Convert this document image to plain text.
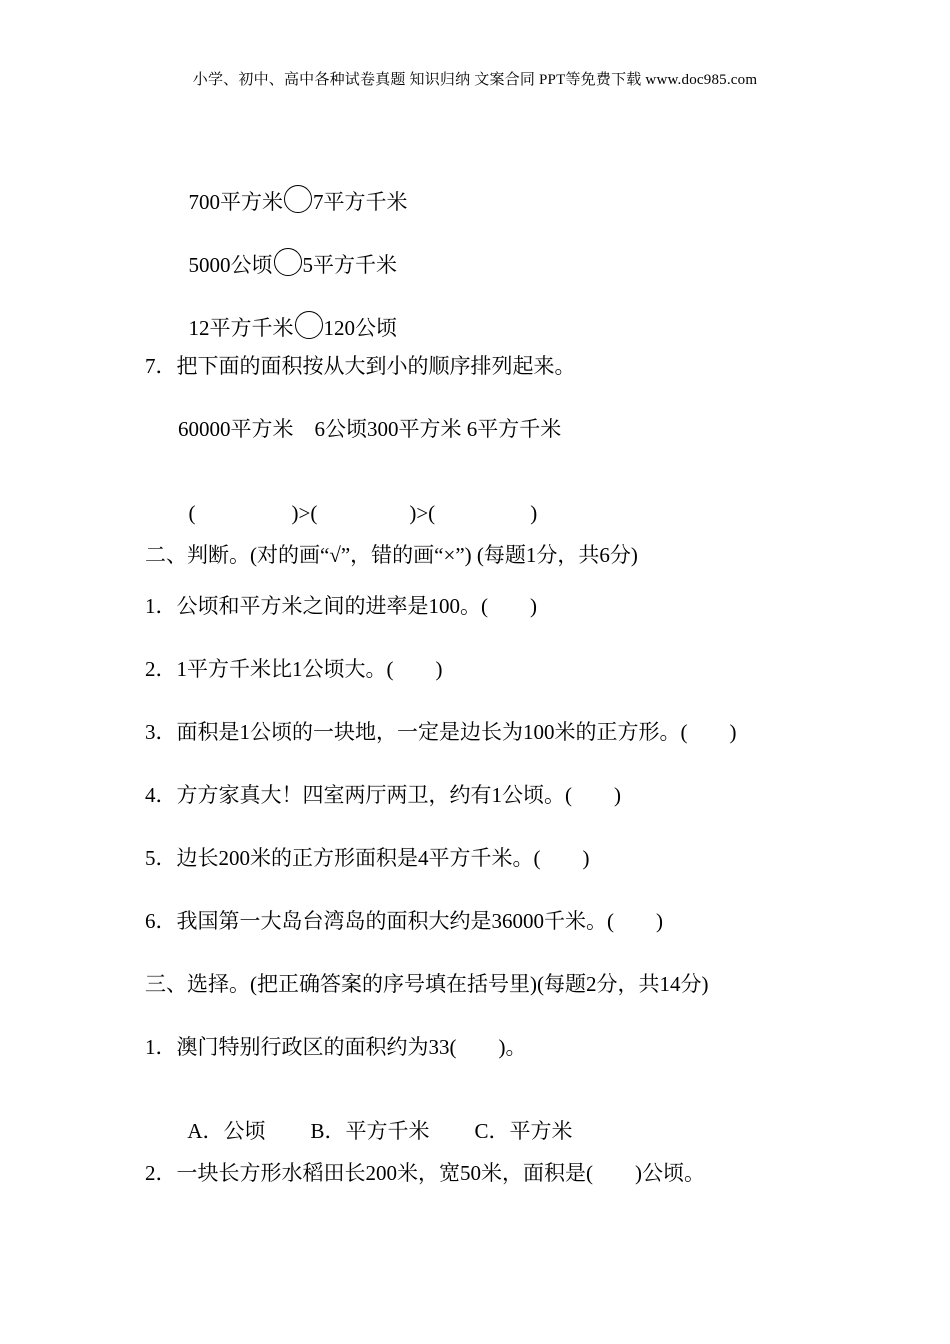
小学、初中、高中各种试卷真题 知识归纳 文案合同 PPT等免费下载 www.doc985.com

700平方米 7平方千米

5000公顷 5平方千米

12平方千米 120公顷

7．把下面的面积按从大到小的顺序排列起来。
60000平方米    6公顷300平方米 6平方千米

(	)>(	)>(	)

二、判断。(对的画“√”，错的画“×”) (每题1分，共6分)
1．公顷和平方米之间的进率是100。(        )
2．1平方千米比1公顷大。(        )
3．面积是1公顷的一块地，一定是边长为100米的正方形。(        )
4．方方家真大！四室两厅两卫，约有1公顷。(        )
5．边长200米的正方形面积是4平方千米。(        )
6．我国第一大岛台湾岛的面积大约是36000千米。(        )
三、选择。(把正确答案的序号填在括号里)(每题2分，共14分)
1．澳门特别行政区的面积约为33(        )。

A．公顷 B．平方千米 C．平方米

2．一块长方形水稻田长200米，宽50米，面积是(        )公顷。
